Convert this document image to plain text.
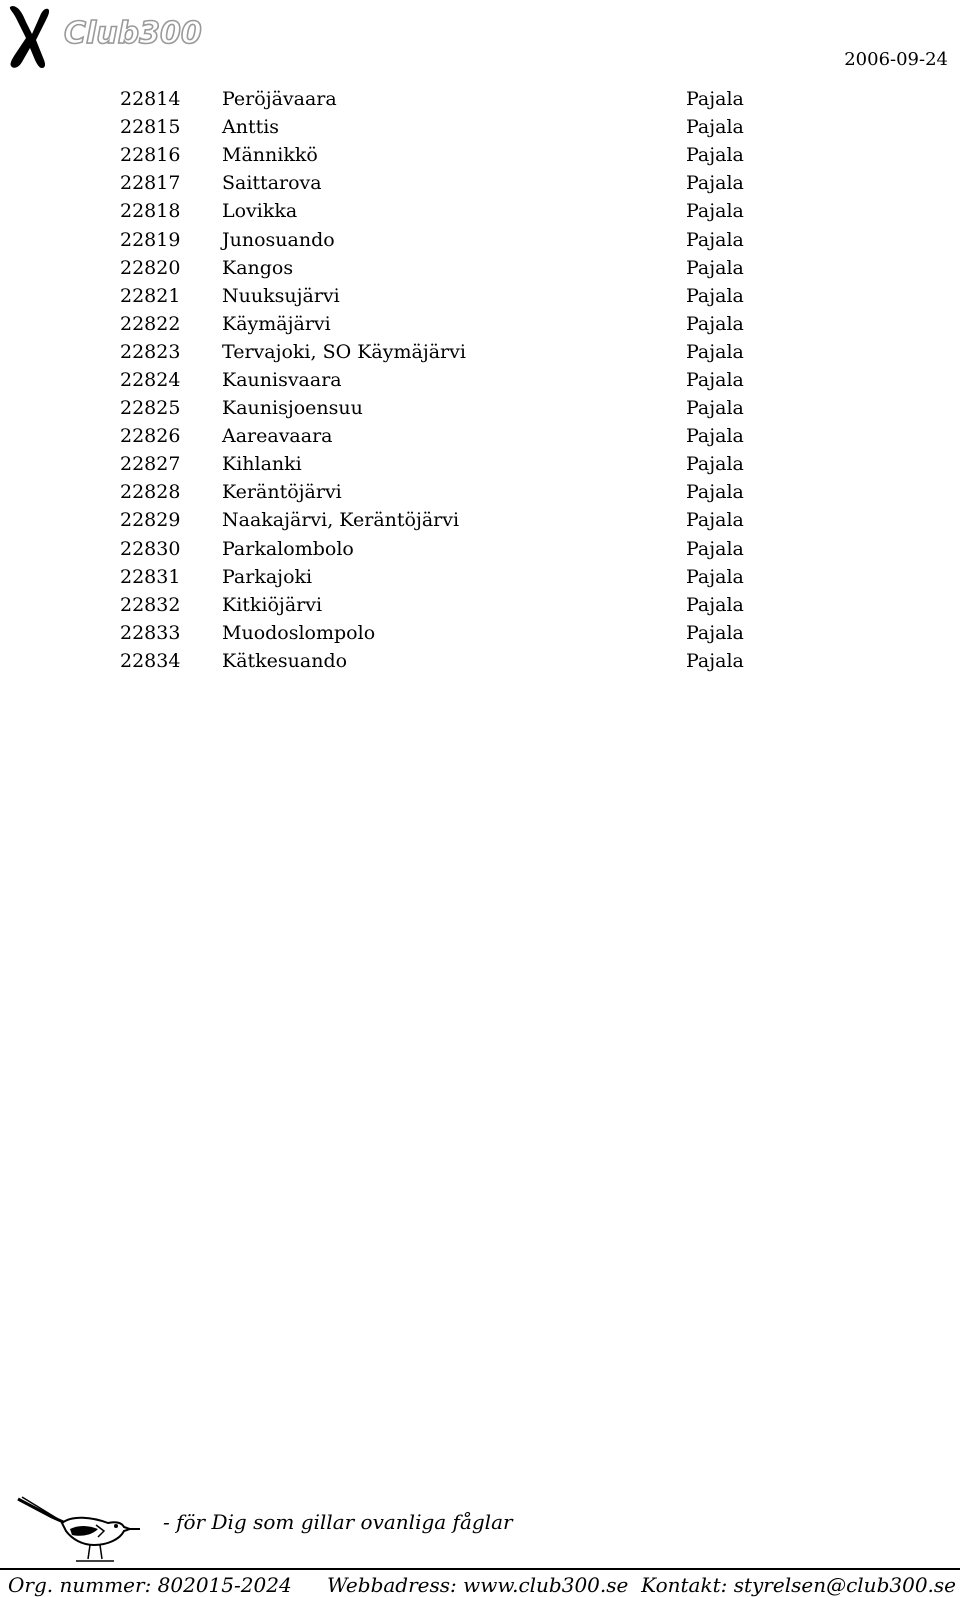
Club300
2006-09-24
22814	Peröjävaara	Pajala
22815	Anttis	Pajala
22816	Männikkö	Pajala
22817	Saittarova	Pajala
22818	Lovikka	Pajala
22819	Junosuando	Pajala
22820	Kangos	Pajala
22821	Nuuksujärvi	Pajala
22822	Käymäjärvi	Pajala
22823	Tervajoki, SO Käymäjärvi	Pajala
22824	Kaunisvaara	Pajala
22825	Kaunisjoensuu	Pajala
22826	Aareavaara	Pajala
22827	Kihlanki	Pajala
22828	Keräntöjärvi	Pajala
22829	Naakajärvi, Keräntöjärvi	Pajala
22830	Parkalombolo	Pajala
22831	Parkajoki	Pajala
22832	Kitkiöjärvi	Pajala
22833	Muodoslompolo	Pajala
22834	Kätkesuando	Pajala
- för Dig som gillar ovanliga fåglar
Org. nummer: 802015-2024 Webbadress: www.club300.se Kontakt: styrelsen@club300.se
